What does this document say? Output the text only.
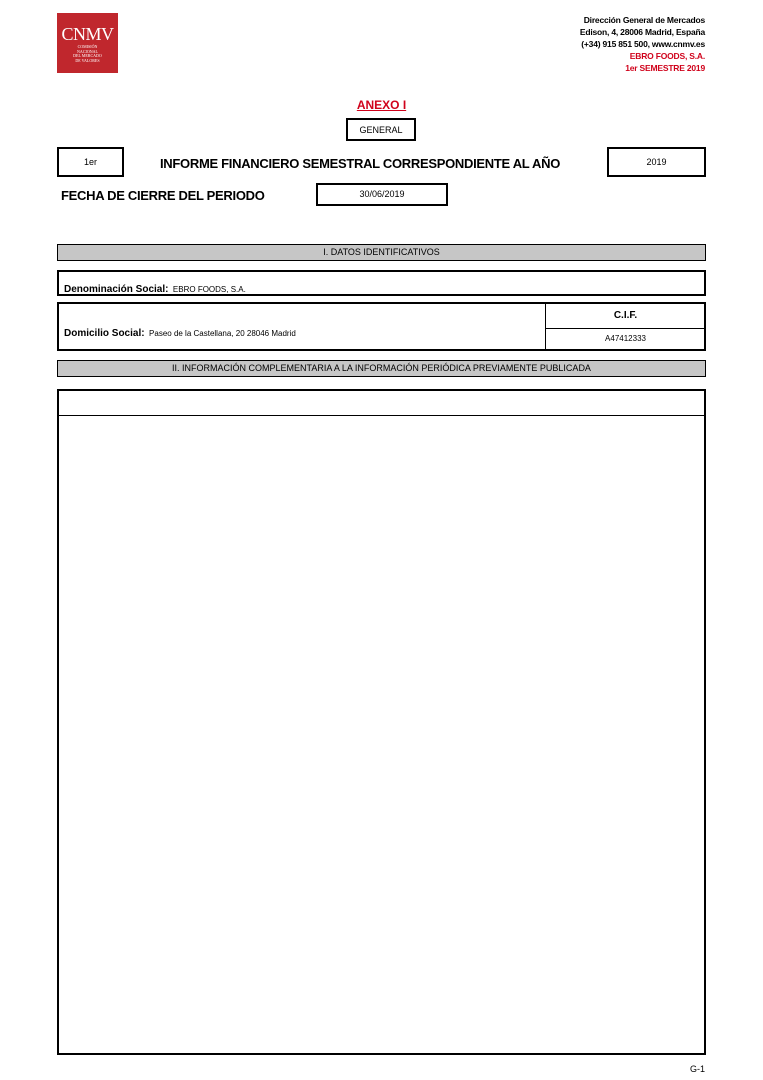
CNMV
COMISIÓN
NACIONAL
DEL MERCADO
DE VALORES
Dirección General de Mercados
Edison, 4, 28006 Madrid, España
(+34) 915 851 500, www.cnmv.es
EBRO FOODS, S.A.
1er SEMESTRE 2019
ANEXO I
GENERAL
1er	INFORME FINANCIERO SEMESTRAL CORRESPONDIENTE AL AÑO	2019
FECHA DE CIERRE DEL PERIODO	30/06/2019
I. DATOS IDENTIFICATIVOS
Denominación Social: EBRO FOODS, S.A.
Domicilio Social: Paseo de la Castellana, 20 28046 Madrid
C.I.F.
A47412333
II. INFORMACIÓN COMPLEMENTARIA A LA INFORMACIÓN PERIÓDICA PREVIAMENTE PUBLICADA
G-1
